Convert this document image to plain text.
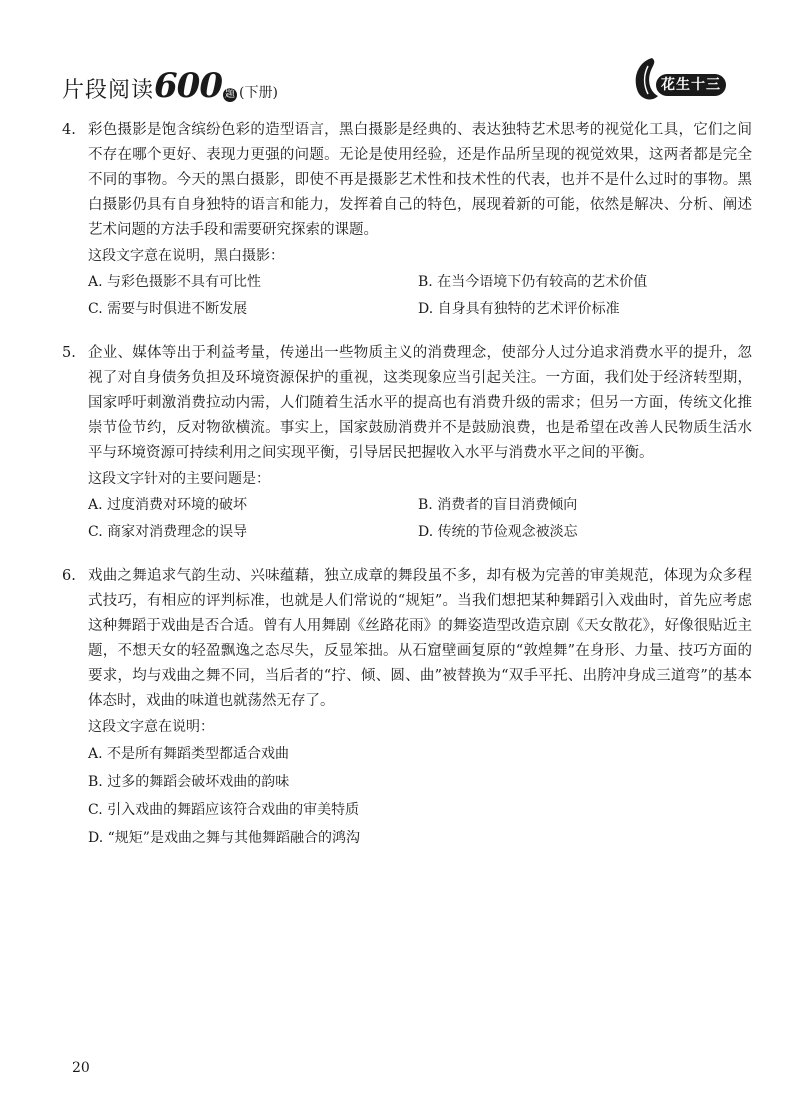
片段阅读600 题 (下册)	花生十三
4. 彩色摄影是饱含缤纷色彩的造型语言，黑白摄影是经典的、表达独特艺术思考的视觉化工具，它们之间不存在哪个更好、表现力更强的问题。无论是使用经验，还是作品所呈现的视觉效果，这两者都是完全不同的事物。今天的黑白摄影，即使不再是摄影艺术性和技术性的代表，也并不是什么过时的事物。黑白摄影仍具有自身独特的语言和能力，发挥着自己的特色，展现着新的可能，依然是解决、分析、阐述艺术问题的方法手段和需要研究探索的课题。
这段文字意在说明，黑白摄影：
A. 与彩色摄影不具有可比性	B. 在当今语境下仍有较高的艺术价值
C. 需要与时俱进不断发展	D. 自身具有独特的艺术评价标准
5. 企业、媒体等出于利益考量，传递出一些物质主义的消费理念，使部分人过分追求消费水平的提升，忽视了对自身债务负担及环境资源保护的重视，这类现象应当引起关注。一方面，我们处于经济转型期，国家呼吁刺激消费拉动内需，人们随着生活水平的提高也有消费升级的需求；但另一方面，传统文化推崇节俭节约，反对物欲横流。事实上，国家鼓励消费并不是鼓励浪费，也是希望在改善人民物质生活水平与环境资源可持续利用之间实现平衡，引导居民把握收入水平与消费水平之间的平衡。
这段文字针对的主要问题是：
A. 过度消费对环境的破坏	B. 消费者的盲目消费倾向
C. 商家对消费理念的误导	D. 传统的节俭观念被淡忘
6. 戏曲之舞追求气韵生动、兴味蕴藉，独立成章的舞段虽不多，却有极为完善的审美规范，体现为众多程式技巧，有相应的评判标准，也就是人们常说的“规矩”。当我们想把某种舞蹈引入戏曲时，首先应考虑这种舞蹈于戏曲是否合适。曾有人用舞剧《丝路花雨》的舞姿造型改造京剧《天女散花》，好像很贴近主题，不想天女的轻盈飘逸之态尽失，反显笨拙。从石窟壁画复原的“敦煌舞”在身形、力量、技巧方面的要求，均与戏曲之舞不同，当后者的“拧、倾、圆、曲”被替换为“双手平托、出胯冲身成三道弯”的基本体态时，戏曲的味道也就荡然无存了。
这段文字意在说明：
A. 不是所有舞蹈类型都适合戏曲
B. 过多的舞蹈会破坏戏曲的韵味
C. 引入戏曲的舞蹈应该符合戏曲的审美特质
D. “规矩”是戏曲之舞与其他舞蹈融合的鸿沟
20
